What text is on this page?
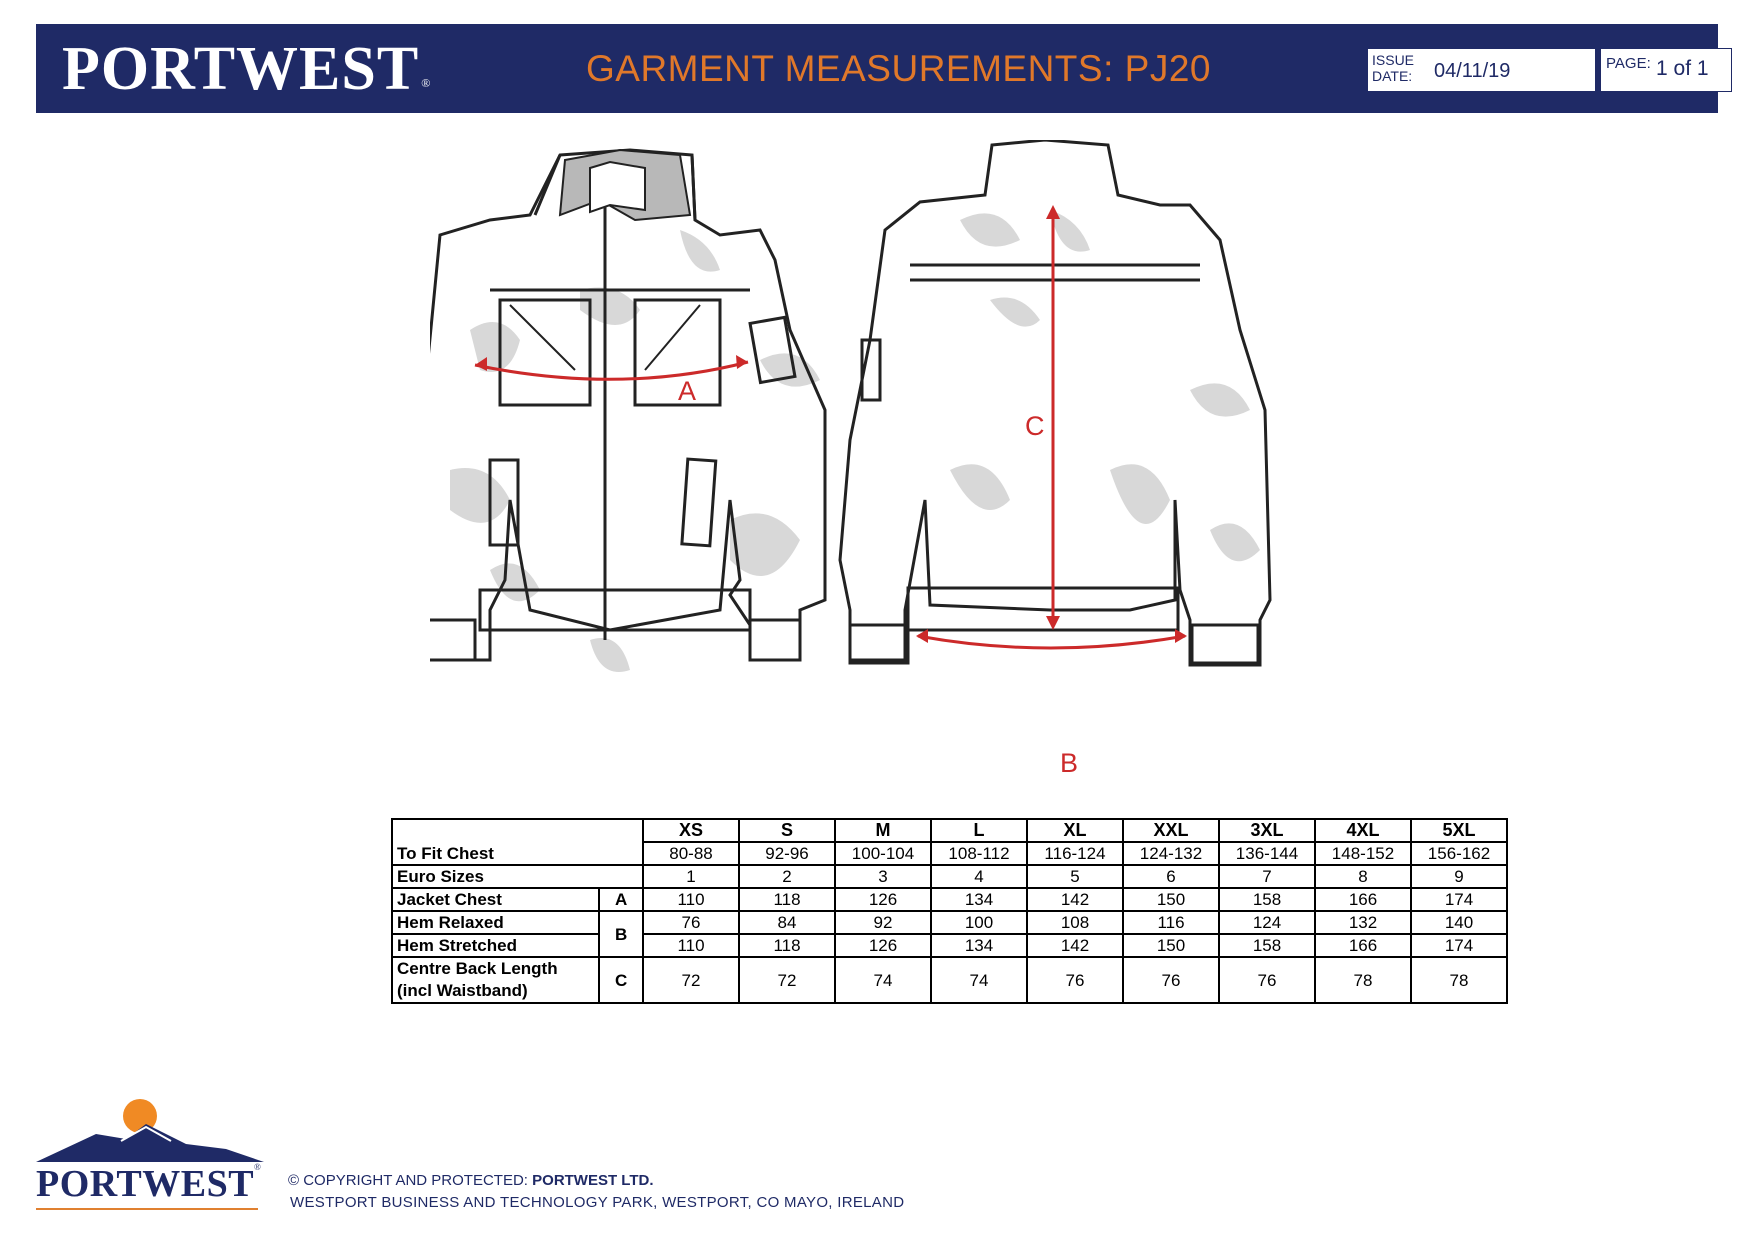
PORTWEST ®	GARMENT MEASUREMENTS: PJ20	ISSUE
DATE: 04/11/19	PAGE: 1 of 1
A
C
B
		XS	S	M	L	XL	XXL	3XL	4XL	5XL
To Fit Chest		80-88	92-96	100-104	108-112	116-124	124-132	136-144	148-152	156-162
Euro Sizes		1	2	3	4	5	6	7	8	9
Jacket Chest	A	110	118	126	134	142	150	158	166	174
Hem Relaxed	B	76	84	92	100	108	116	124	132	140
Hem Stretched		110	118	126	134	142	150	158	166	174
Centre Back Length
(incl Waistband)	C	72	72	74	74	76	76	76	78	78
PORTWEST®
© COPYRIGHT AND PROTECTED: PORTWEST LTD.
WESTPORT BUSINESS AND TECHNOLOGY PARK, WESTPORT, CO MAYO, IRELAND
